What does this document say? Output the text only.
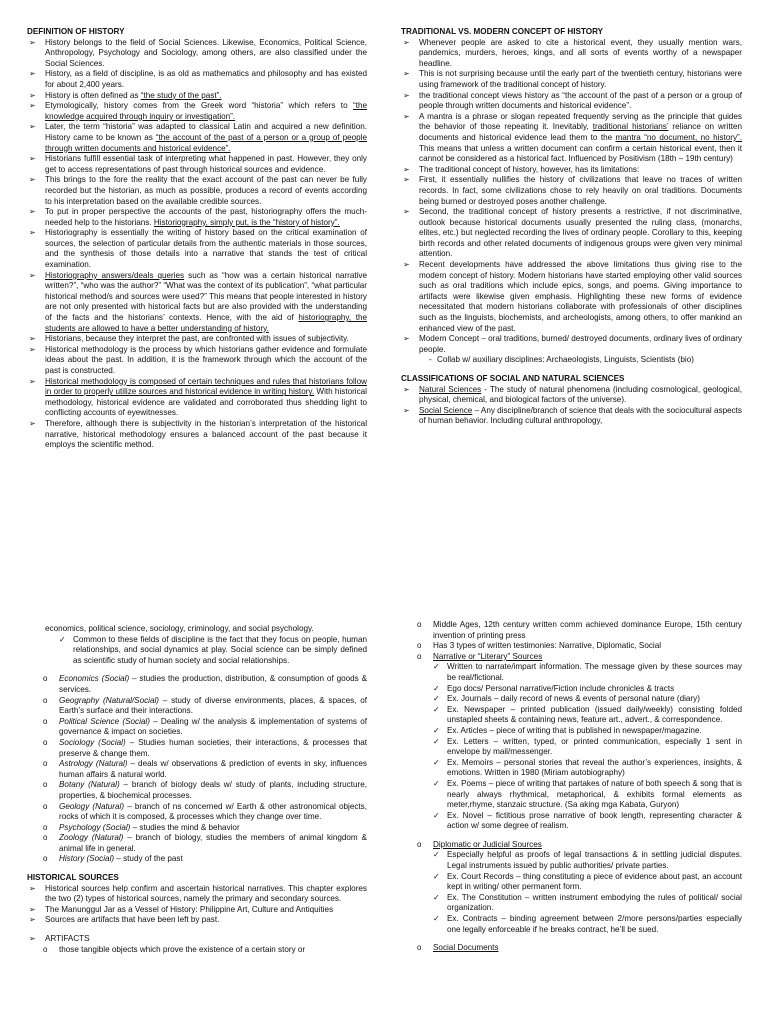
DEFINITION OF HISTORY
➢ History belongs to the field of Social Sciences. Likewise, Economics, Political Science, Anthropology, Psychology and Sociology, among others, are also classified under the Social Sciences.
➢ History, as a field of discipline, is as old as mathematics and philosophy and has existed for about 2,400 years.
➢ History is often defined as “the study of the past”.
➢ Etymologically, history comes from the Greek word “historia” which refers to “the knowledge acquired through inquiry or investigation”.
➢ Later, the term “historia” was adapted to classical Latin and acquired a new definition. History came to be known as “the account of the past of a person or a group of people through written documents and historical evidence”.
➢ Historians fulfill essential task of interpreting what happened in past. However, they only get to access representations of past through historical sources and evidence.
➢ This brings to the fore the reality that the exact account of the past can never be fully recorded but the historian, as much as possible, produces a record of events according to his interpretation based on the available credible sources.
➢ To put in proper perspective the accounts of the past, historiography offers the much-needed help to the historians. Historiography, simply put, is the “history of history”.
➢ Historiography is essentially the writing of history based on the critical examination of sources, the selection of particular details from the authentic materials in those sources, and the synthesis of those details into a narrative that stands the test of critical examination.
➢ Historiography answers/deals queries such as “how was a certain historical narrative written?”, “who was the author?” “What was the context of its publication”, “what particular historical method/s and sources were used?” This means that people interested in history are not only presented with historical facts but are also provided with the understanding of the facts and the historians’ contexts. Hence, with the aid of historiography, the students are allowed to have a better understanding of history.
➢ Historians, because they interpret the past, are confronted with issues of subjectivity.
➢ Historical methodology is the process by which historians gather evidence and formulate ideas about the past. In addition, it is the framework through which the account of the past is constructed.
➢ Historical methodology is composed of certain techniques and rules that historians follow in order to properly utilize sources and historical evidence in writing history. With historical methodology, historical evidence are validated and corroborated thus shedding light to conflicting accounts of eyewitnesses.
➢ Therefore, although there is subjectivity in the historian’s interpretation of the historical narrative, historical methodology ensures a balanced account of the past because it employs the scientific method.
TRADITIONAL VS. MODERN CONCEPT OF HISTORY
➢ Whenever people are asked to cite a historical event, they usually mention wars, pandemics, murders, heroes, kings, and all sorts of events worthy of a newspaper headline.
➢ This is not surprising because until the early part of the twentieth century, historians were using framework of the traditional concept of history.
➢ the traditional concept views history as “the account of the past of a person or a group of people through written documents and historical evidence”.
➢ A mantra is a phrase or slogan repeated frequently serving as the principle that guides the behavior of those repeating it. Inevitably, traditional historians’ reliance on written documents and historical evidence lead them to the mantra “no document, no history”. This means that unless a written document can confirm a certain historical event, then it cannot be considered as a historical fact. Influenced by Positivism (18th – 19th century)
➢ The traditional concept of history, however, has its limitations:
➢ First, it essentially nullifies the history of civilizations that leave no traces of written records. In fact, some civilizations chose to rely heavily on oral traditions. Documents being burned or destroyed poses another challenge.
➢ Second, the traditional concept of history presents a restrictive, if not discriminative, outlook because historical documents usually presented the ruling class, (monarchs, elites, etc.) but neglected recording the lives of ordinary people. Corollary to this, keeping birth records and other related documents of indigenous groups were given very minimal attention.
➢ Recent developments have addressed the above limitations thus giving rise to the modern concept of history. Modern historians have started employing other valid sources such as oral traditions which include epics, songs, and poems. Giving importance to artifacts were likewise given emphasis. Highlighting these new forms of evidence necessitated that modern historians collaborate with professionals of other disciplines such as the linguists, biochemists, and archeologists, among others, to offer mankind an enhanced view of the past.
➢ Modern Concept – oral traditions, burned/ destroyed documents, ordinary lives of ordinary people.
- Collab w/ auxiliary disciplines: Archaeologists, Linguists, Scientists (bio)
CLASSIFICATIONS OF SOCIAL AND NATURAL SCIENCES
➢ Natural Sciences - The study of natural phenomena (including cosmological, geological, physical, chemical, and biological factors of the universe).
➢ Social Science – Any discipline/branch of science that deals with the sociocultural aspects of human behavior. Including cultural anthropology,
economics, political science, sociology, criminology, and social psychology.
✓ Common to these fields of discipline is the fact that they focus on people, human relationships, and social dynamics at play. Social science can be simply defined as scientific study of human society and social relationships.
o Economics (Social) – studies the production, distribution, & consumption of goods & services.
o Geography (Natural/Social) – study of diverse environments, places, & spaces, of Earth’s surface and their interactions.
o Political Science (Social) – Dealing w/ the analysis & implementation of systems of governance & impact on societies.
o Sociology (Social) – Studies human societies, their interactions, & processes that preserve & change them.
o Astrology (Natural) – deals w/ observations & prediction of events in sky, influences human affairs & natural world.
o Botany (Natural) – branch of biology deals w/ study of plants, including structure, properties, & biochemical processes.
o Geology (Natural) – branch of ns concerned w/ Earth & other astronomical objects, rocks of which it is composed, & processes which they change over time.
o Psychology (Social) – studies the mind & behavior
o Zoology (Natural) – branch of biology, studies the members of animal kingdom & animal life in general.
o History (Social) – study of the past
HISTORICAL SOURCES
➢ Historical sources help confirm and ascertain historical narratives. This chapter explores the two (2) types of historical sources, namely the primary and secondary sources.
➢ The Manunggul Jar as a Vessel of History: Philippine Art, Culture and Antiquities
➢ Sources are artifacts that have been left by past.
➢ ARTIFACTS
o those tangible objects which prove the existence of a certain story or
o Middle Ages, 12th century written comm achieved dominance Europe, 15th century invention of printing press
o Has 3 types of written testimonies: Narrative, Diplomatic, Social
o Narrative or “Literary” Sources
✓ Written to narrate/impart information. The message given by these sources may be real/fictional.
✓ Ego docs/ Personal narrative/Fiction include chronicles & tracts
✓ Ex. Journals – daily record of news & events of personal nature (diary)
✓ Ex. Newspaper – printed publication (issued daily/weekly) consisting folded unstapled sheets & containing news, feature art., advert., & correspondence.
✓ Ex. Articles – piece of writing that is published in newspaper/magazine.
✓ Ex. Letters – written, typed, or printed communication, especially 1 sent in envelope by mail/messenger.
✓ Ex. Memoirs – personal stories that reveal the author’s experiences, insights, & emotions. Written in 1980 (Miriam autobiography)
✓ Ex. Poems – piece of writing that partakes of nature of both speech & song that is nearly always rhythmical, metaphorical, & exhibits formal elements as meter,rhyme, stanzaic structure. (Sa aking mga Kabata, Guryon)
✓ Ex. Novel – fictitious prose narrative of book length, representing character & action w/ some degree of realism.
o Diplomatic or Judicial Sources
✓ Especially helpful as proofs of legal transactions & in settling judicial disputes. Legal instruments issued by public authorities/ private parties.
✓ Ex. Court Records – thing constituting a piece of evidence about past, an account kept in writing/ other permanent form.
✓ Ex. The Constitution – written instrument embodying the rules of political/ social organization.
✓ Ex. Contracts – binding agreement between 2/more persons/parties especially one legally enforceable if he breaks contract, he’ll be sued.
o Social Documents
